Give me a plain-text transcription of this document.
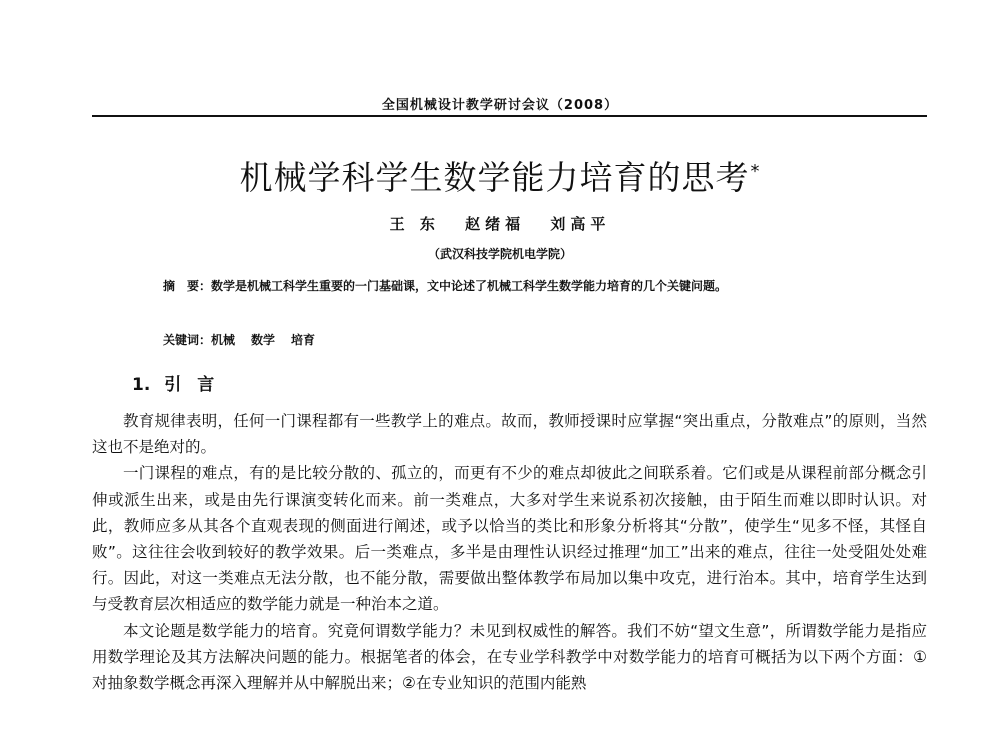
全国机械设计教学研讨会议（2008）
机械学科学生数学能力培育的思考*
王 东 赵绪福 刘高平
（武汉科技学院机电学院）
摘　要：数学是机械工科学生重要的一门基础课，文中论述了机械工科学生数学能力培育的几个关键问题。
关键词：机械 数学 培育
1. 引言

教育规律表明，任何一门课程都有一些教学上的难点。故而，教师授课时应掌握“突出重点，分散难点”的原则，当然这也不是绝对的。

一门课程的难点，有的是比较分散的、孤立的，而更有不少的难点却彼此之间联系着。它们或是从课程前部分概念引伸或派生出来，或是由先行课演变转化而来。前一类难点，大多对学生来说系初次接触，由于陌生而难以即时认识。对此，教师应多从其各个直观表现的侧面进行阐述，或予以恰当的类比和形象分析将其“分散”，使学生“见多不怪，其怪自败”。这往往会收到较好的教学效果。后一类难点，多半是由理性认识经过推理“加工”出来的难点，往往一处受阻处处难行。因此，对这一类难点无法分散，也不能分散，需要做出整体教学布局加以集中攻克，进行治本。其中，培育学生达到与受教育层次相适应的数学能力就是一种治本之道。

本文论题是数学能力的培育。究竟何谓数学能力？未见到权威性的解答。我们不妨“望文生意”，所谓数学能力是指应用数学理论及其方法解决问题的能力。根据笔者的体会，在专业学科教学中对数学能力的培育可概括为以下两个方面：①对抽象数学概念再深入理解并从中解脱出来；②在专业知识的范围内能熟
